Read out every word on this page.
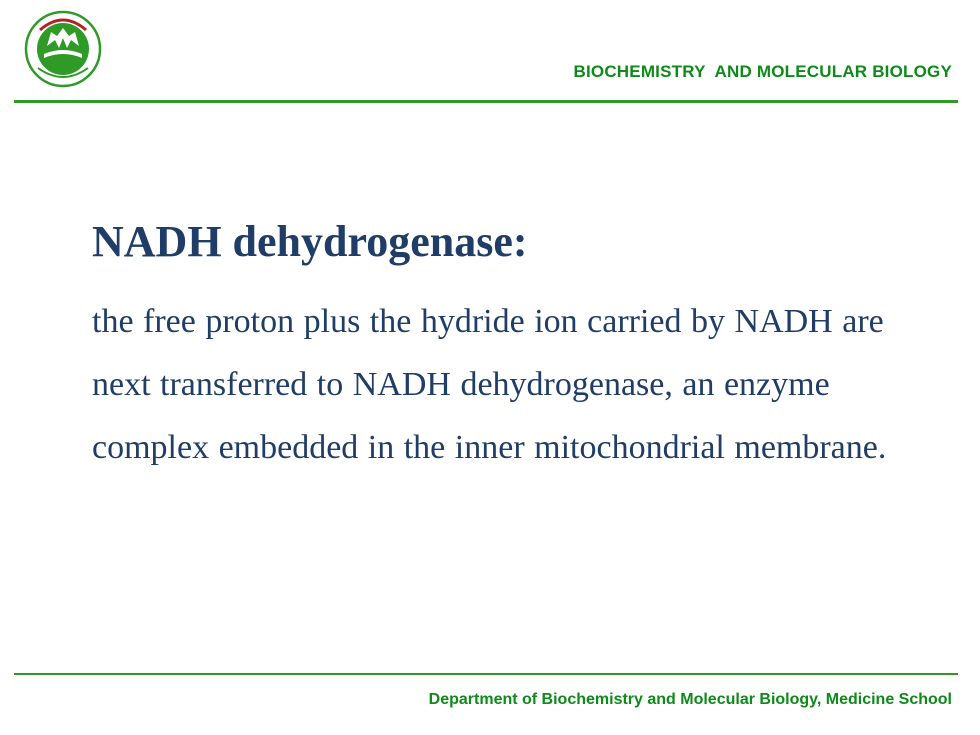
BIOCHEMISTRY  AND MOLECULAR BIOLOGY
NADH dehydrogenase:

the free proton plus the hydride ion carried by NADH are next transferred to NADH dehydrogenase, an enzyme complex embedded in the inner mitochondrial membrane.

Department of Biochemistry and Molecular Biology, Medicine School
